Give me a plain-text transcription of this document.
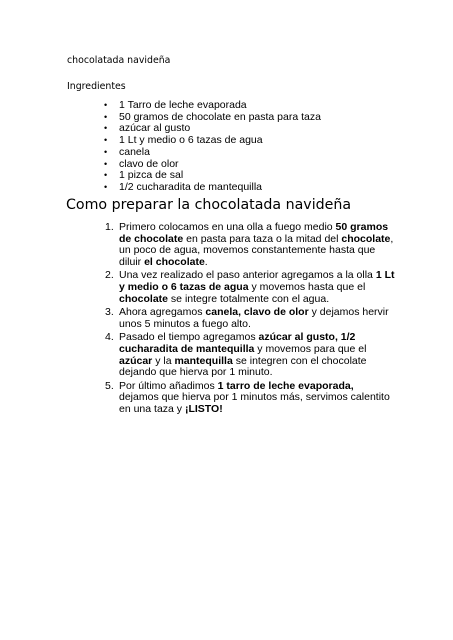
chocolatada navideña

Ingredientes

• 1 Tarro de leche evaporada
• 50 gramos de chocolate en pasta para taza
• azúcar al gusto
• 1 Lt y medio o 6 tazas de agua
• canela
• clavo de olor
• 1 pizca de sal
• 1/2 cucharadita de mantequilla
Como preparar la chocolatada navideña
1. Primero colocamos en una olla a fuego medio 50 gramos de chocolate en pasta para taza o la mitad del chocolate, un poco de agua, movemos constantemente hasta que diluir el chocolate.
2. Una vez realizado el paso anterior agregamos a la olla 1 Lt y medio o 6 tazas de agua y movemos hasta que el chocolate se integre totalmente con el agua.
3. Ahora agregamos canela, clavo de olor y dejamos hervir unos 5 minutos a fuego alto.
4. Pasado el tiempo agregamos azúcar al gusto, 1/2 cucharadita de mantequilla y movemos para que el azúcar y la mantequilla se integren con el chocolate dejando que hierva por 1 minuto.
5. Por último añadimos 1 tarro de leche evaporada, dejamos que hierva por 1 minutos más, servimos calentito en una taza y ¡LISTO!
